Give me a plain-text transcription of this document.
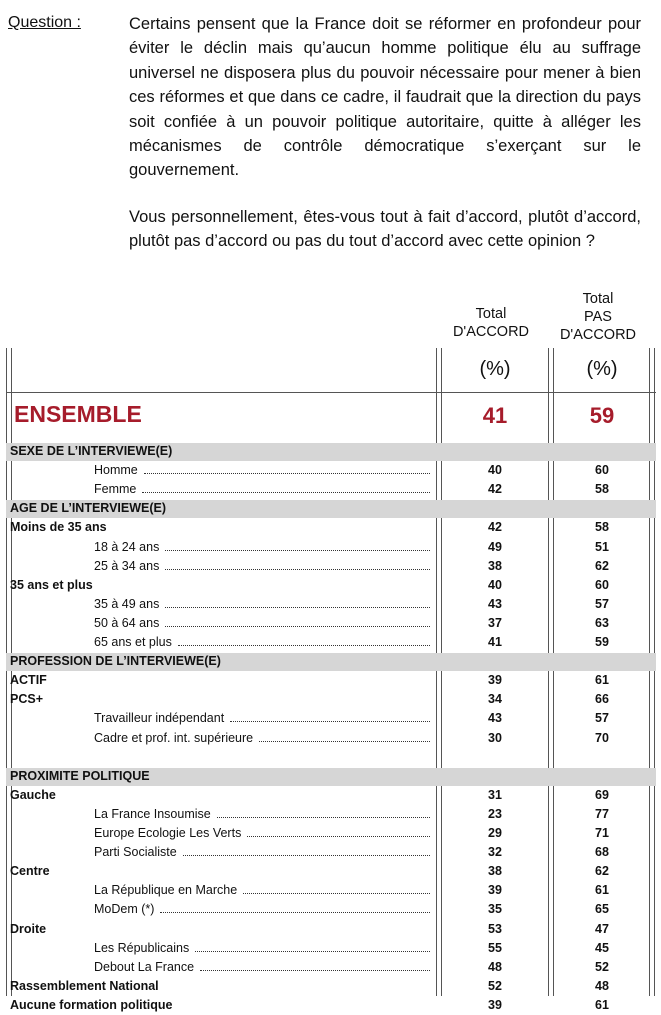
Question :	Certains pensent que la France doit se réformer en profondeur pour éviter le déclin mais qu’aucun homme politique élu au suffrage universel ne disposera plus du pouvoir nécessaire pour mener à bien ces réformes et que dans ce cadre, il faudrait que la direction du pays soit confiée à un pouvoir politique autoritaire, quitte à alléger les mécanismes de contrôle démocratique s’exerçant sur le gouvernement.

Vous personnellement, êtes-vous tout à fait d’accord, plutôt d’accord, plutôt pas d’accord ou pas du tout d’accord avec cette opinion ?

Total
D'ACCORD
Total
PAS
D'ACCORD
(%)	(%)
ENSEMBLE	41	59
SEXE DE L’INTERVIEWE(E)
Homme	40	60
Femme	42	58
AGE DE L’INTERVIEWE(E)
Moins de 35 ans	42	58
18 à 24 ans	49	51
25 à 34 ans	38	62
35 ans et plus	40	60
35 à 49 ans	43	57
50 à 64 ans	37	63
65 ans et plus	41	59
PROFESSION DE L’INTERVIEWE(E)
ACTIF	39	61
PCS+	34	66
Travailleur indépendant	43	57
Cadre et prof. int. supérieure	30	70
PROXIMITE POLITIQUE
Gauche	31	69
La France Insoumise	23	77
Europe Ecologie Les Verts	29	71
Parti Socialiste	32	68
Centre	38	62
La République en Marche	39	61
MoDem (*)	35	65
Droite	53	47
Les Républicains	55	45
Debout La France	48	52
Rassemblement National	52	48
Aucune formation politique	39	61
